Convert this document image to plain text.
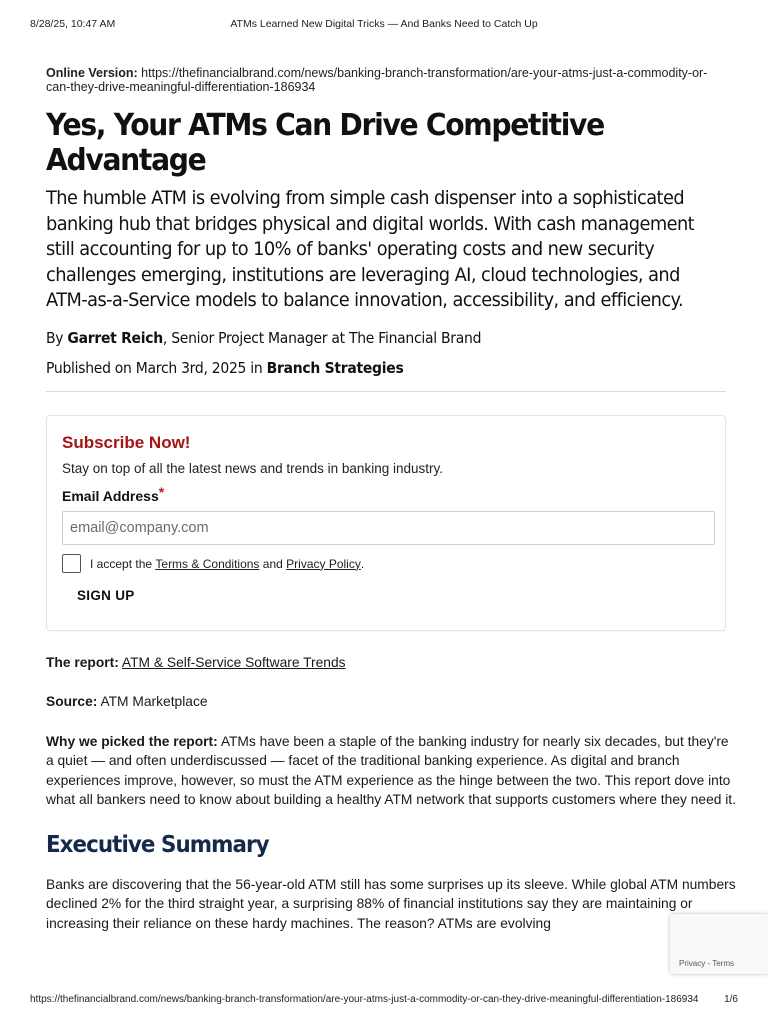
8/28/25, 10:47 AM	ATMs Learned New Digital Tricks — And Banks Need to Catch Up
Online Version: https://thefinancialbrand.com/news/banking-branch-transformation/are-your-atms-just-a-commodity-or-can-they-drive-meaningful-differentiation-186934
Yes, Your ATMs Can Drive Competitive Advantage
The humble ATM is evolving from simple cash dispenser into a sophisticated banking hub that bridges physical and digital worlds. With cash management still accounting for up to 10% of banks' operating costs and new security challenges emerging, institutions are leveraging AI, cloud technologies, and ATM-as-a-Service models to balance innovation, accessibility, and efficiency.
By Garret Reich, Senior Project Manager at The Financial Brand
Published on March 3rd, 2025 in Branch Strategies
Subscribe Now!
Stay on top of all the latest news and trends in banking industry.
Email Address*
email@company.com
I accept the
Terms & Conditions
and
Privacy Policy .
SIGN UP
The report: ATM & Self-Service Software Trends
Source: ATM Marketplace
Why we picked the report: ATMs have been a staple of the banking industry for nearly six decades, but they're a quiet — and often underdiscussed — facet of the traditional banking experience. As digital and branch experiences improve, however, so must the ATM experience as the hinge between the two. This report dove into what all bankers need to know about building a healthy ATM network that supports customers where they need it.
Executive Summary
Banks are discovering that the 56-year-old ATM still has some surprises up its sleeve. While global ATM numbers declined 2% for the third straight year, a surprising 88% of financial institutions say they are maintaining or increasing their reliance on these hardy machines. The reason? ATMs are evolving
Privacy - Terms
https://thefinancialbrand.com/news/banking-branch-transformation/are-your-atms-just-a-commodity-or-can-they-drive-meaningful-differentiation-186934	1/6
